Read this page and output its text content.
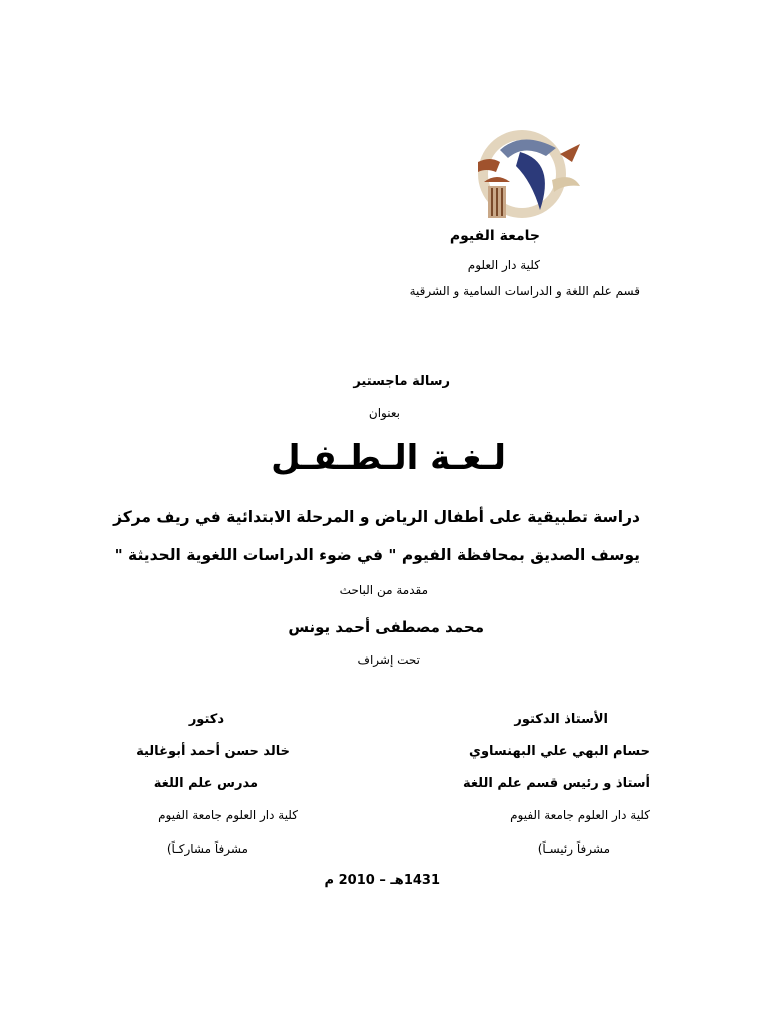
جامعة الفيوم
كلية دار العلوم
قسم علم اللغة و الدراسات السامية و الشرقية
رسالة ماجستير
بعنوان
لـغـة الـطـفـل
دراسة تطبيقية على أطفال الرياض و المرحلة الابتدائية في ريف مركز
يوسف الصديق بمحافظة الفيوم " في ضوء الدراسات اللغوية الحديثة "
مقدمة من الباحث
محمد مصطفى أحمد يونس
تحت إشراف
الأستاذ الدكتور
حسام البهي علي البهنساوي
أستاذ و رئيس قسم علم اللغة
كلية دار العلوم جامعة الفيوم
مشرفاً رئيسـاً)
دكتور
خالد حسن أحمد أبوغالية
مدرس علم اللغة
كلية دار العلوم جامعة الفيوم
مشرفاً مشاركـاً)
1431هـ – 2010 م
